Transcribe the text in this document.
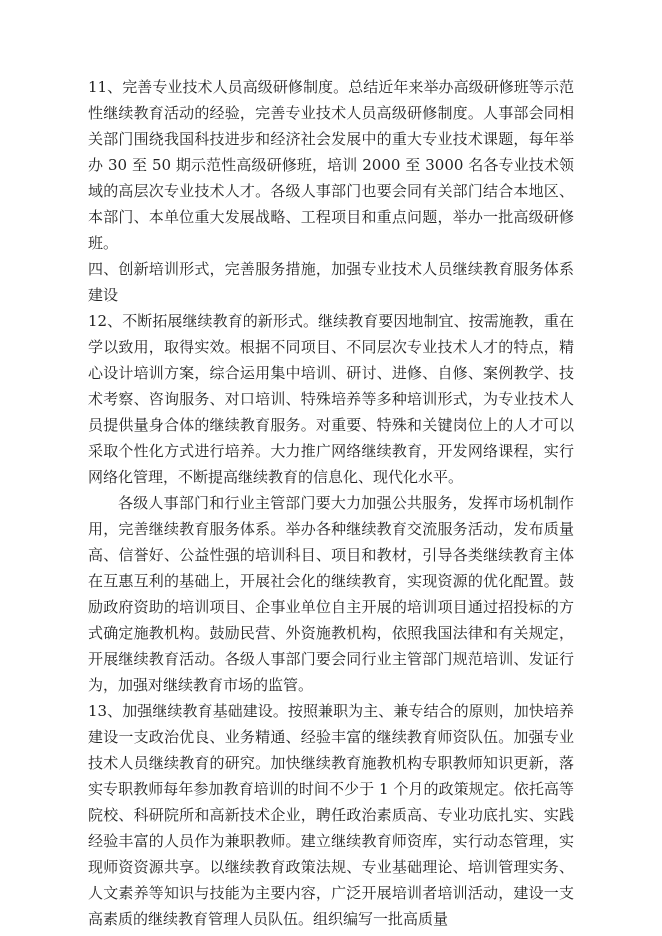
11、完善专业技术人员高级研修制度。总结近年来举办高级研修班等示范性继续教育活动的经验，完善专业技术人员高级研修制度。人事部会同相关部门围绕我国科技进步和经济社会发展中的重大专业技术课题，每年举办 30 至 50 期示范性高级研修班，培训 2000 至 3000 名各专业技术领域的高层次专业技术人才。各级人事部门也要会同有关部门结合本地区、本部门、本单位重大发展战略、工程项目和重点问题，举办一批高级研修班。

四、创新培训形式，完善服务措施，加强专业技术人员继续教育服务体系建设

12、不断拓展继续教育的新形式。继续教育要因地制宜、按需施教，重在学以致用，取得实效。根据不同项目、不同层次专业技术人才的特点，精心设计培训方案，综合运用集中培训、研讨、进修、自修、案例教学、技术考察、咨询服务、对口培训、特殊培养等多种培训形式，为专业技术人员提供量身合体的继续教育服务。对重要、特殊和关键岗位上的人才可以采取个性化方式进行培养。大力推广网络继续教育，开发网络课程，实行网络化管理，不断提高继续教育的信息化、现代化水平。

各级人事部门和行业主管部门要大力加强公共服务，发挥市场机制作用，完善继续教育服务体系。举办各种继续教育交流服务活动，发布质量高、信誉好、公益性强的培训科目、项目和教材，引导各类继续教育主体在互惠互利的基础上，开展社会化的继续教育，实现资源的优化配置。鼓励政府资助的培训项目、企事业单位自主开展的培训项目通过招投标的方式确定施教机构。鼓励民营、外资施教机构，依照我国法律和有关规定，开展继续教育活动。各级人事部门要会同行业主管部门规范培训、发证行为，加强对继续教育市场的监管。

13、加强继续教育基础建设。按照兼职为主、兼专结合的原则，加快培养建设一支政治优良、业务精通、经验丰富的继续教育师资队伍。加强专业技术人员继续教育的研究。加快继续教育施教机构专职教师知识更新，落实专职教师每年参加教育培训的时间不少于 1 个月的政策规定。依托高等院校、科研院所和高新技术企业，聘任政治素质高、专业功底扎实、实践经验丰富的人员作为兼职教师。建立继续教育师资库，实行动态管理，实现师资资源共享。以继续教育政策法规、专业基础理论、培训管理实务、人文素养等知识与技能为主要内容，广泛开展培训者培训活动，建设一支高素质的继续教育管理人员队伍。组织编写一批高质量
